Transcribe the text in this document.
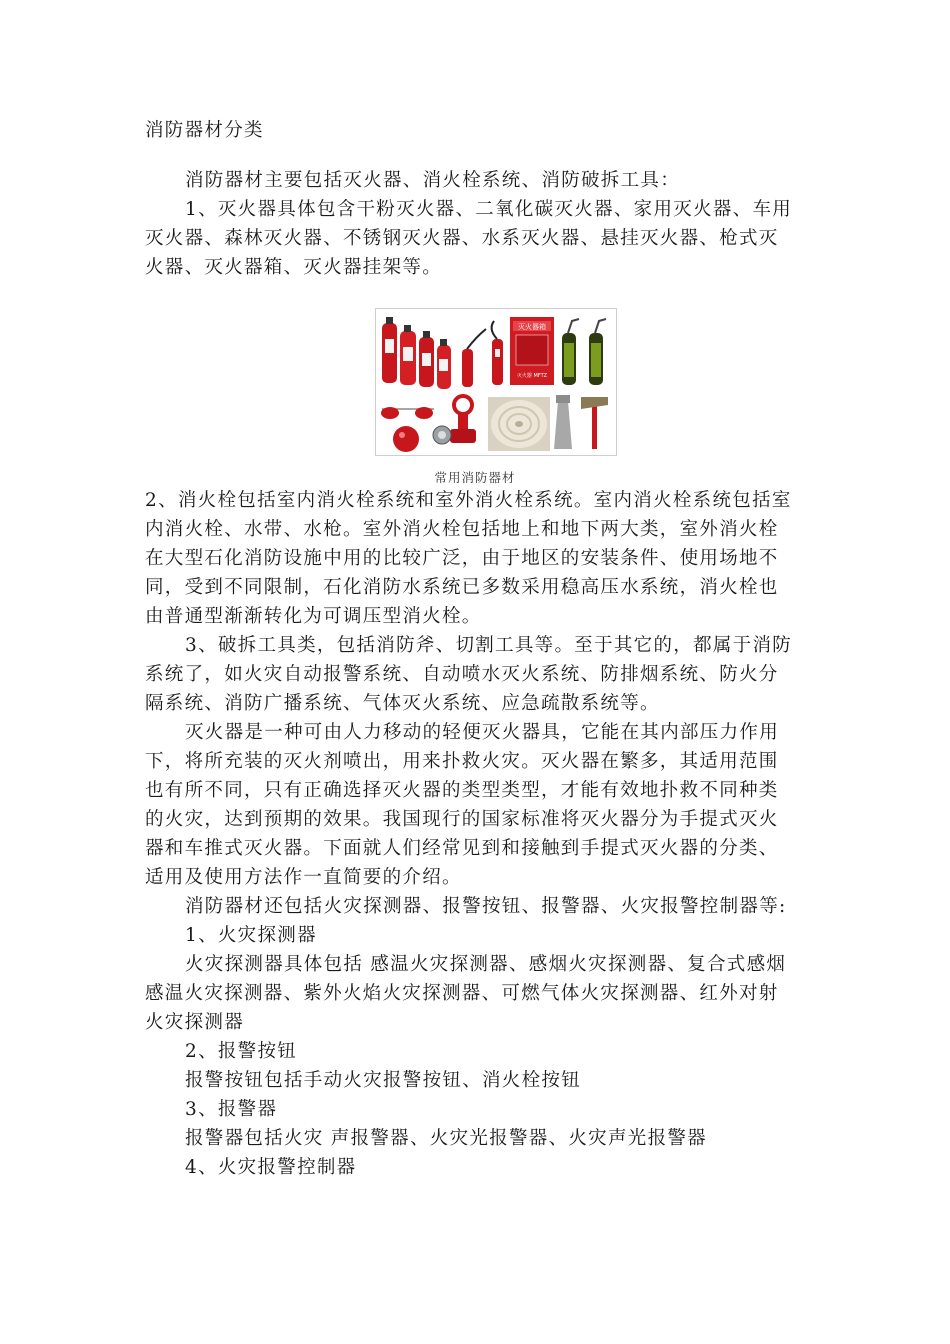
消防器材分类
消防器材主要包括灭火器、消火栓系统、消防破拆工具：
1、灭火器具体包含干粉灭火器、二氧化碳灭火器、家用灭火器、车用
灭火器、森林灭火器、不锈钢灭火器、水系灭火器、悬挂灭火器、枪式灭
火器、灭火器箱、灭火器挂架等。
灭火器箱
灭火器 MFTZ
常用消防器材
2、消火栓包括室内消火栓系统和室外消火栓系统。室内消火栓系统包括室
内消火栓、水带、水枪。室外消火栓包括地上和地下两大类，室外消火栓
在大型石化消防设施中用的比较广泛，由于地区的安装条件、使用场地不
同，受到不同限制，石化消防水系统已多数采用稳高压水系统，消火栓也
由普通型渐渐转化为可调压型消火栓。
3、破拆工具类，包括消防斧、切割工具等。至于其它的，都属于消防
系统了，如火灾自动报警系统、自动喷水灭火系统、防排烟系统、防火分
隔系统、消防广播系统、气体灭火系统、应急疏散系统等。
灭火器是一种可由人力移动的轻便灭火器具，它能在其内部压力作用
下，将所充装的灭火剂喷出，用来扑救火灾。灭火器在繁多，其适用范围
也有所不同，只有正确选择灭火器的类型类型，才能有效地扑救不同种类
的火灾，达到预期的效果。我国现行的国家标准将灭火器分为手提式灭火
器和车推式灭火器。下面就人们经常见到和接触到手提式灭火器的分类、
适用及使用方法作一直简要的介绍。
消防器材还包括火灾探测器、报警按钮、报警器、火灾报警控制器等:
1、火灾探测器
火灾探测器具体包括 感温火灾探测器、感烟火灾探测器、复合式感烟
感温火灾探测器、紫外火焰火灾探测器、可燃气体火灾探测器、红外对射
火灾探测器
2、报警按钮
报警按钮包括手动火灾报警按钮、消火栓按钮
3、报警器
报警器包括火灾 声报警器、火灾光报警器、火灾声光报警器
4、火灾报警控制器
